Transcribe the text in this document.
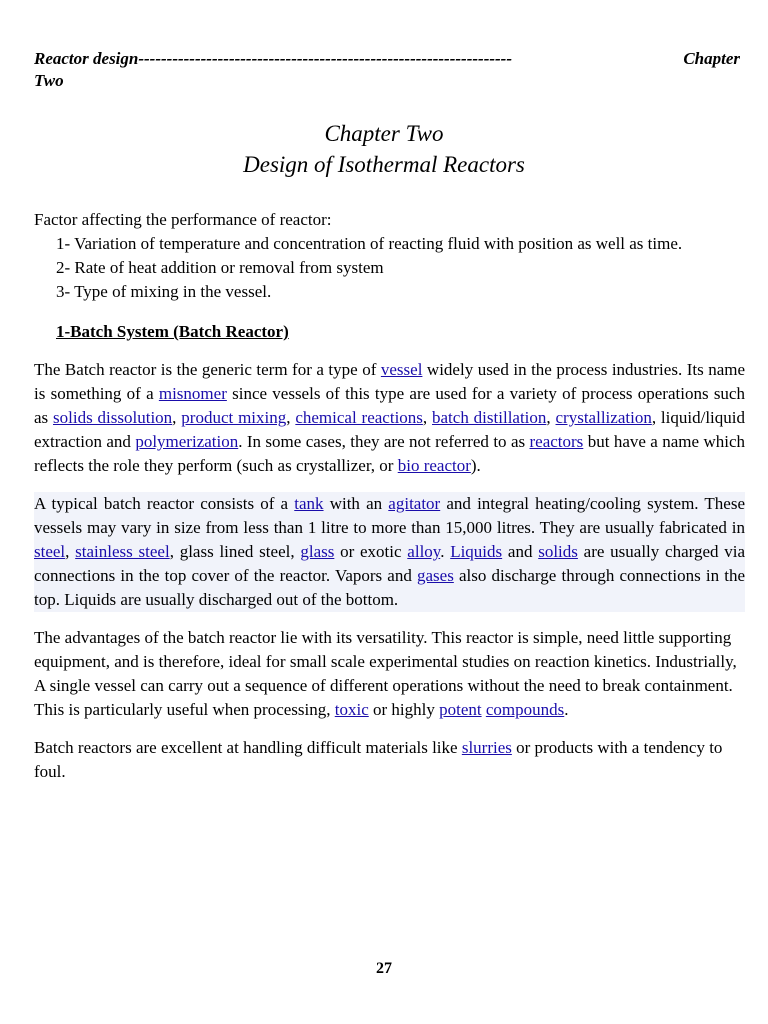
Reactor design------------------------------------------------------------------	Chapter
Two
Chapter Two
Design of Isothermal Reactors

Factor affecting the performance of reactor:

1- Variation of temperature and concentration of reacting fluid with position as well as time.
2- Rate of heat addition or removal from system
3- Type of mixing in the vessel.
1-Batch System (Batch Reactor)

The Batch reactor is the generic term for a type of vessel widely used in the process industries. Its name is something of a misnomer since vessels of this type are used for a variety of process operations such as solids dissolution, product mixing, chemical reactions, batch distillation, crystallization, liquid/liquid extraction and polymerization. In some cases, they are not referred to as reactors but have a name which reflects the role they perform (such as crystallizer, or bio reactor).

A typical batch reactor consists of a tank with an agitator and integral heating/cooling system. These vessels may vary in size from less than 1 litre to more than 15,000 litres. They are usually fabricated in steel, stainless steel, glass lined steel, glass or exotic alloy. Liquids and solids are usually charged via connections in the top cover of the reactor. Vapors and gases also discharge through connections in the top. Liquids are usually discharged out of the bottom.

The advantages of the batch reactor lie with its versatility. This reactor is simple, need little supporting equipment, and is therefore, ideal for small scale experimental studies on reaction kinetics. Industrially, A single vessel can carry out a sequence of different operations without the need to break containment. This is particularly useful when processing, toxic or highly potent compounds.

Batch reactors are excellent at handling difficult materials like slurries or products with a tendency to foul.

27
